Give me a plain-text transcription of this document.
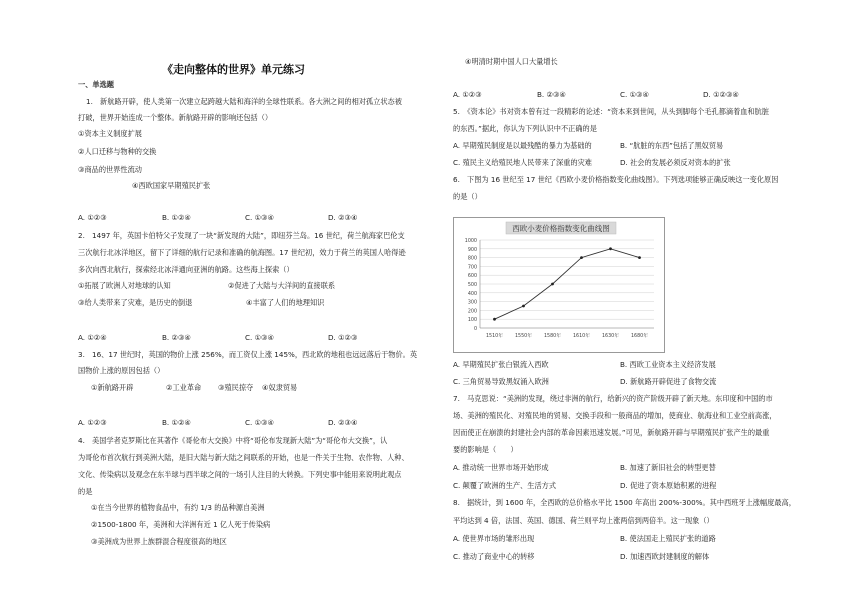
《走向整体的世界》单元练习
一、单选题
1.　新航路开辟，使人类第一次建立起跨越大陆和海洋的全球性联系。各大洲之间的相对孤立状态被
打破，世界开始连成一个整体。新航路开辟的影响还包括（）
①资本主义制度扩展
②人口迁移与物种的交换
③商品的世界性流动
④西欧国家早期殖民扩张
A. ①②③	B. ①②④	C. ①③④	D. ②③④
2.　1497 年，英国卡伯特父子发现了一块“新发现的大陆”，即纽芬兰岛。16 世纪，荷兰航海家巴伦支
三次航行北冰洋地区，留下了详细的航行记录和准确的航海图。17 世纪初，效力于荷兰的英国人哈得逊
多次向西北航行，探索经北冰洋通向亚洲的航路。这些海上探索（）
①拓展了欧洲人对地球的认知	②促进了大陆与大洋间的直接联系
③给人类带来了灾难，是历史的倒退	④丰富了人们的地理知识
A. ①②④	B. ②③④	C. ①③④	D. ①②③
3.　16、17 世纪时，英国的物价上涨 256%，而工资仅上涨 145%，西北欧的地租也远远落后于物价。英
国物价上涨的原因包括（）
①新航路开辟	②工业革命 ③殖民掠夺 ④奴隶贸易
A. ①②③	B. ①②④	C. ①③④	D. ②③④
4.　美国学者克罗斯比在其著作《哥伦布大交换》中将“哥伦布发现新大陆”为“哥伦布大交换”，认
为哥伦布首次航行到美洲大陆，是旧大陆与新大陆之间联系的开始，也是一件关于生物、农作物、人种、
文化、传染病以及观念在东半球与西半球之间的一场引人注目的大转换。下列史事中能用来说明此观点
的是
①在当今世界的植物食品中，有约 1/3 的品种源自美洲
②1500-1800 年，美洲和大洋洲有近 1 亿人死于传染病
③美洲成为世界上族群混合程度很高的地区
④明清时期中国人口大量增长
A. ①②③	B. ②③④	C. ①③④	D. ①②③④
5.　《资本论》书对资本曾有过一段精彩的论述：“资本来到世间，从头到脚每个毛孔都滴着血和肮脏
的东西。”据此，你认为下列认识中不正确的是
A. 早期殖民制度是以最残酷的暴力为基础的	B. “肮脏的东西”包括了黑奴贸易
C. 殖民主义给殖民地人民带来了深重的灾难	D. 社会的发展必须反对资本的扩张
6.　下图为 16 世纪至 17 世纪《西欧小麦价格指数变化曲线图》。下列选项能够正确反映这一变化原因
的是（）
西欧小麦价格指数变化曲线图
0
100
200
300
400
500
600
700
800
900
1000
1510年 1550年 1580年 1610年 1630年 1680年
A. 早期殖民扩张白银流入西欧	B. 西欧工业资本主义经济发展
C. 三角贸易导致黑奴涌入欧洲	D. 新航路开辟促进了食物交流
7.　马克思说：“美洲的发现，绕过非洲的航行，给新兴的资产阶级开辟了新天地。东印度和中国的市
场、美洲的殖民化、对殖民地的贸易、交换手段和一般商品的增加，使商业、航海业和工业空前高涨，
因而使正在崩溃的封建社会内部的革命因素迅速发展。”可见，新航路开辟与早期殖民扩张产生的最重
要的影响是（　　）
A. 推动统一世界市场开始形成	B. 加速了新旧社会的转型更替
C. 颠覆了欧洲的生产、生活方式	D. 促进了资本原始积累的进程
8.　据统计，到 1600 年，全西欧的总价格水平比 1500 年高出 200%-300%。其中西班牙上涨幅度最高，
平均达到 4 倍，法国、英国、德国、荷兰则平均上涨两倍到两倍半。这一现象（）
A. 使世界市场的雏形出现	B. 使法国走上殖民扩张的道路
C. 推动了商业中心的转移	D. 加速西欧封建制度的解体
